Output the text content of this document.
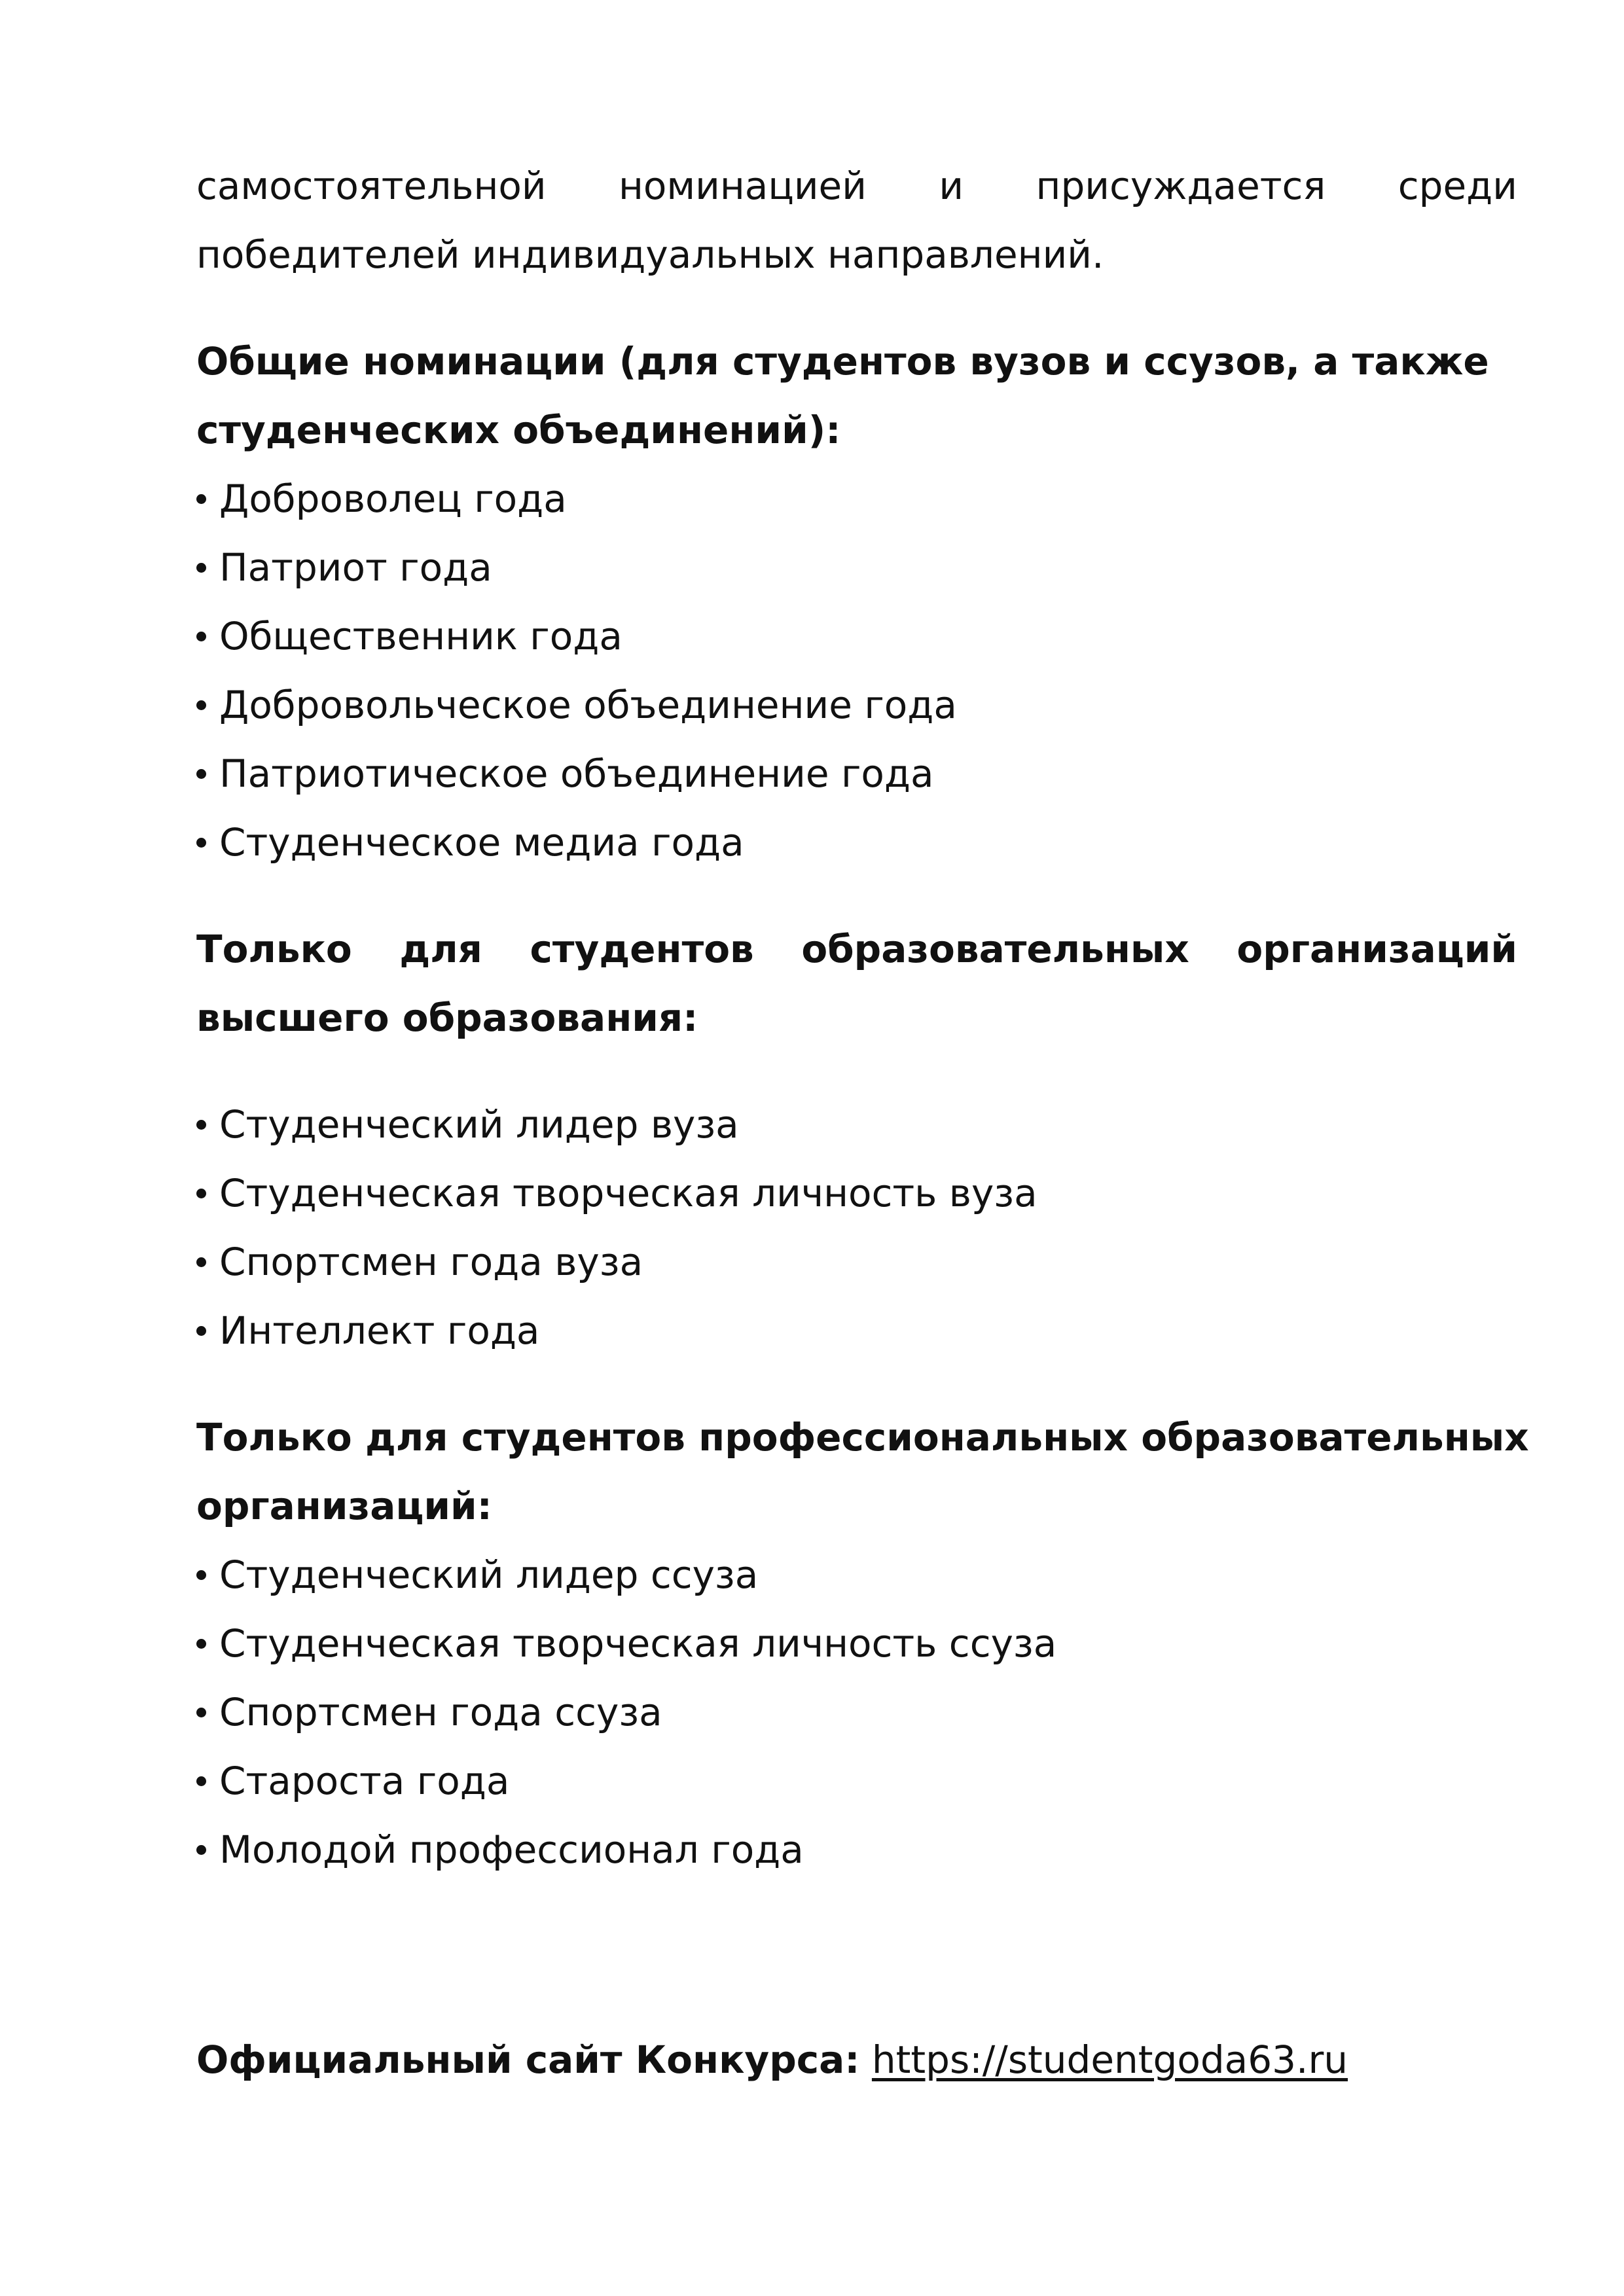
самостоятельной номинацией и присуждается среди
победителей индивидуальных направлений.
Общие номинации (для студентов вузов и ссузов, а также
студенческих объединений):
Доброволец года
Патриот года
Общественник года
Добровольческое объединение года
Патриотическое объединение года
Студенческое медиа года
Только для студентов образовательных организаций
высшего образования:
Студенческий лидер вуза
Студенческая творческая личность вуза
Спортсмен года вуза
Интеллект года
Только для студентов профессиональных образовательных
организаций:
Студенческий лидер ссуза
Студенческая творческая личность ссуза
Спортсмен года ссуза
Староста года
Молодой профессионал года
Официальный сайт Конкурса: https://studentgoda63.ru
